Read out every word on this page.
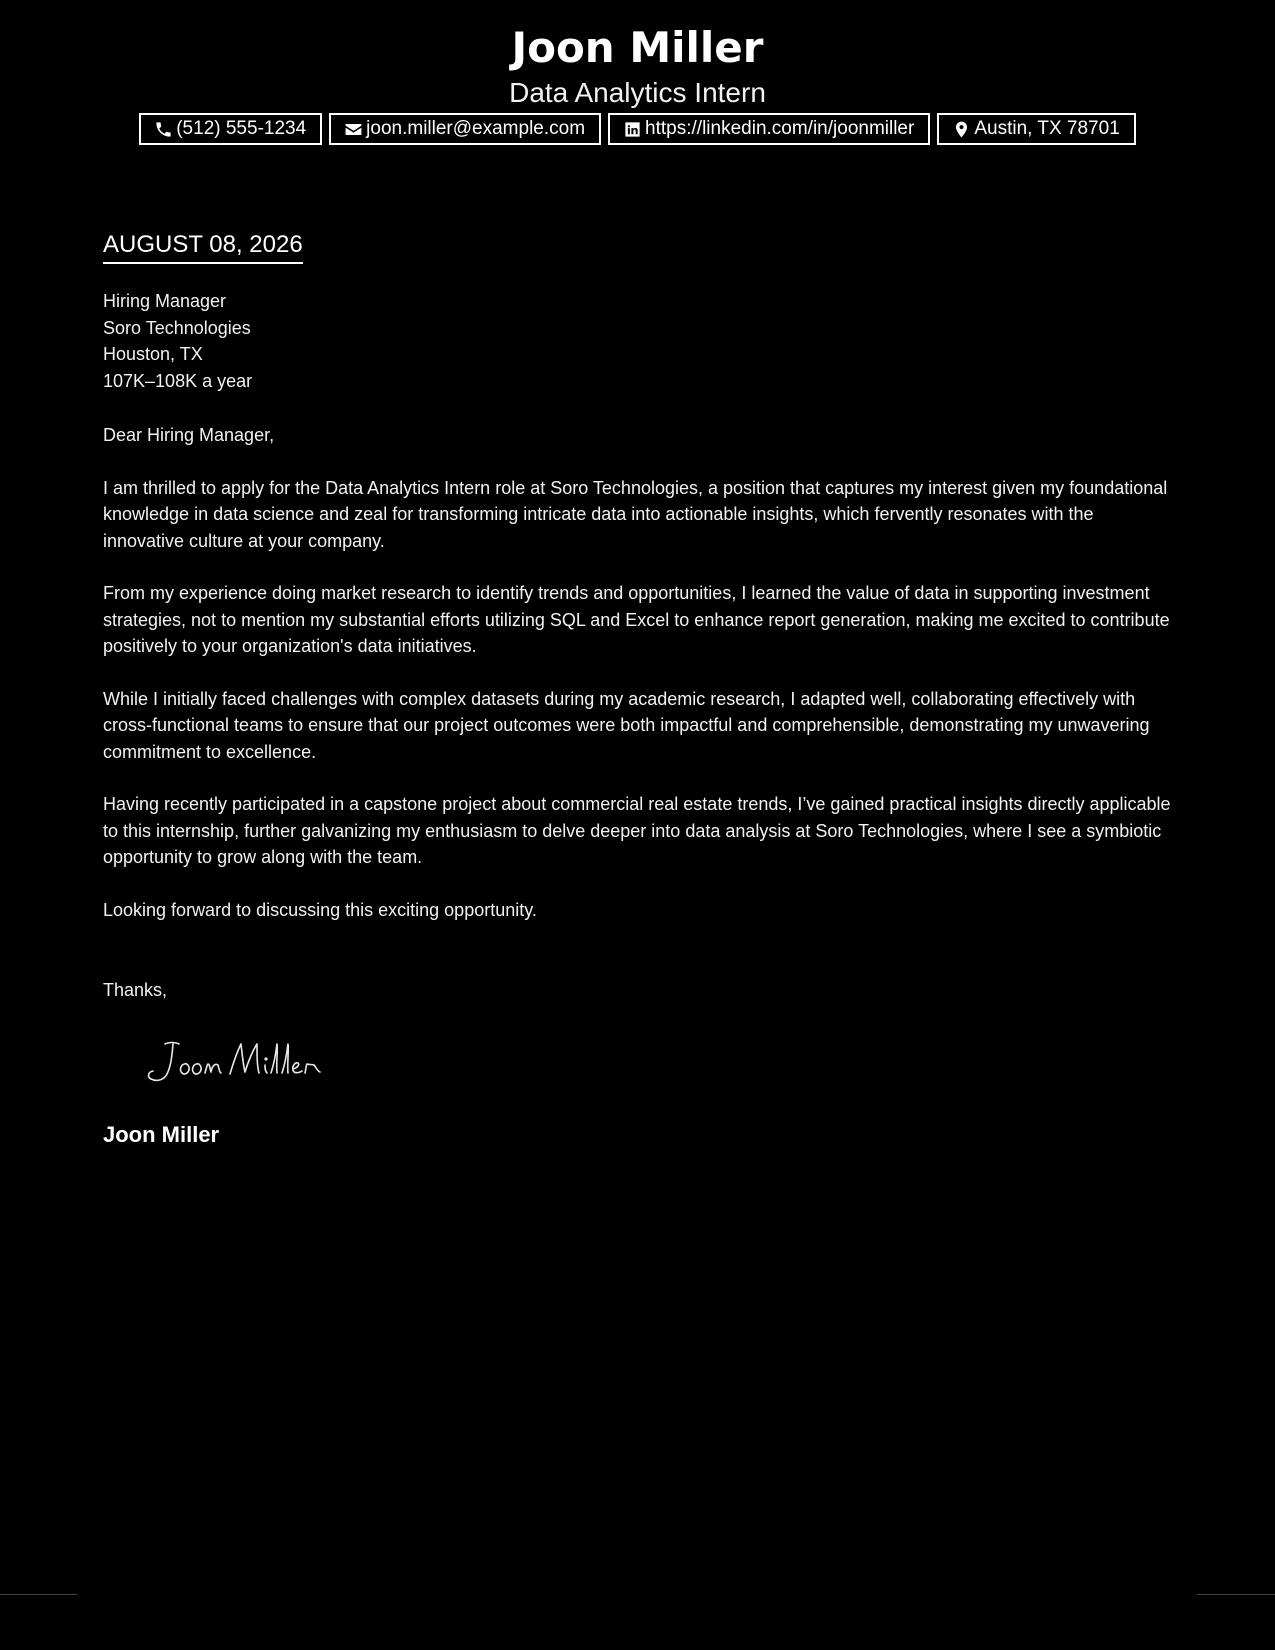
Joon Miller
Data Analytics Intern
(512) 555-1234	joon.miller@example.com	https://linkedin.com/in/joonmiller	Austin, TX 78701
AUGUST 08, 2026
Hiring Manager
Soro Technologies
Houston, TX
107K–108K a year

Dear Hiring Manager,

I am thrilled to apply for the Data Analytics Intern role at Soro Technologies, a position that captures my interest given my foundational knowledge in data science and zeal for transforming intricate data into actionable insights, which fervently resonates with the innovative culture at your company.

From my experience doing market research to identify trends and opportunities, I learned the value of data in supporting investment strategies, not to mention my substantial efforts utilizing SQL and Excel to enhance report generation, making me excited to contribute positively to your organization's data initiatives.

While I initially faced challenges with complex datasets during my academic research, I adapted well, collaborating effectively with cross-functional teams to ensure that our project outcomes were both impactful and comprehensible, demonstrating my unwavering commitment to excellence.

Having recently participated in a capstone project about commercial real estate trends, I’ve gained practical insights directly applicable to this internship, further galvanizing my enthusiasm to delve deeper into data analysis at Soro Technologies, where I see a symbiotic opportunity to grow along with the team.

Looking forward to discussing this exciting opportunity.

Thanks,
Joon Miller
